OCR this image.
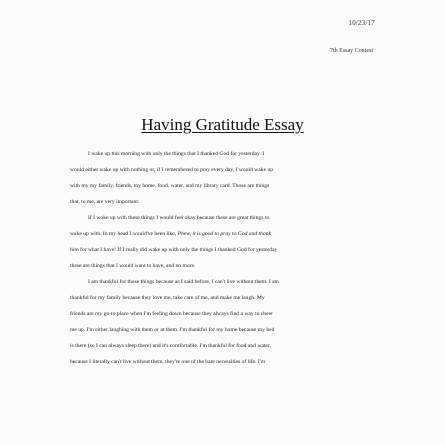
10/23/17
7th Essay Contest
Having Gratitude Essay
I wake up this morning with only the things that I thanked God for yesterday. I
would either wake up with nothing or, if I remembered to pray every day, I would wake up
with my my family, friends, my home, food, water, and my library card. Those are things
that, to me, are very important.
If I woke up with these things I would feel okay because these are great things to
wake up with. In my head I would've been like, Phew, it is good to pray to God and thank
him for what I have! If I really did wake up with only the things I thanked God for yesterday
these are things that I would want to have, and no more.
I am thankful for those things because as I said before, I can't live without them. I am
thankful for my family because they love me, take care of me, and make me laugh. My
friends are my go-to place when I'm feeling down because they always find a way to cheer
me up. I'm either laughing with them or at them. I'm thankful for my home because my bed
is there (so I can always sleep there) and it's comfortable. I'm thankful for food and water,
because I literally can't live without them, they're one of the bare necessities of life. I'm
